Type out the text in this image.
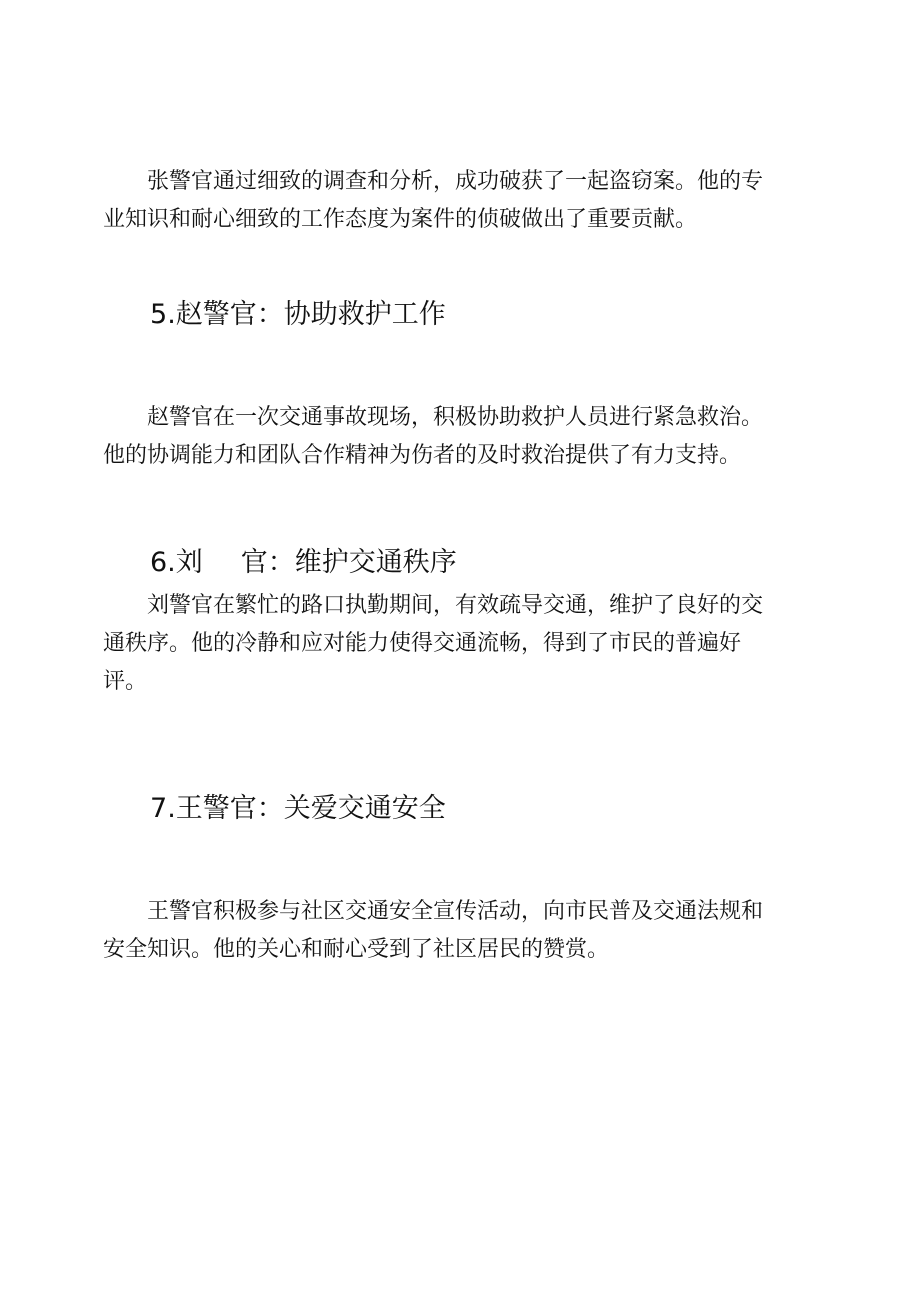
　　张警官通过细致的调查和分析，成功破获了一起盗窃案。他的专
业知识和耐心细致的工作态度为案件的侦破做出了重要贡献。
5.赵警官：协助救护工作
　　赵警官在一次交通事故现场，积极协助救护人员进行紧急救治。
他的协调能力和团队合作精神为伤者的及时救治提供了有力支持。
6.刘 官：维护交通秩序
　　刘警官在繁忙的路口执勤期间，有效疏导交通，维护了良好的交
通秩序。他的冷静和应对能力使得交通流畅，得到了市民的普遍好
评。
7.王警官：关爱交通安全
　　王警官积极参与社区交通安全宣传活动，向市民普及交通法规和
安全知识。他的关心和耐心受到了社区居民的赞赏。
